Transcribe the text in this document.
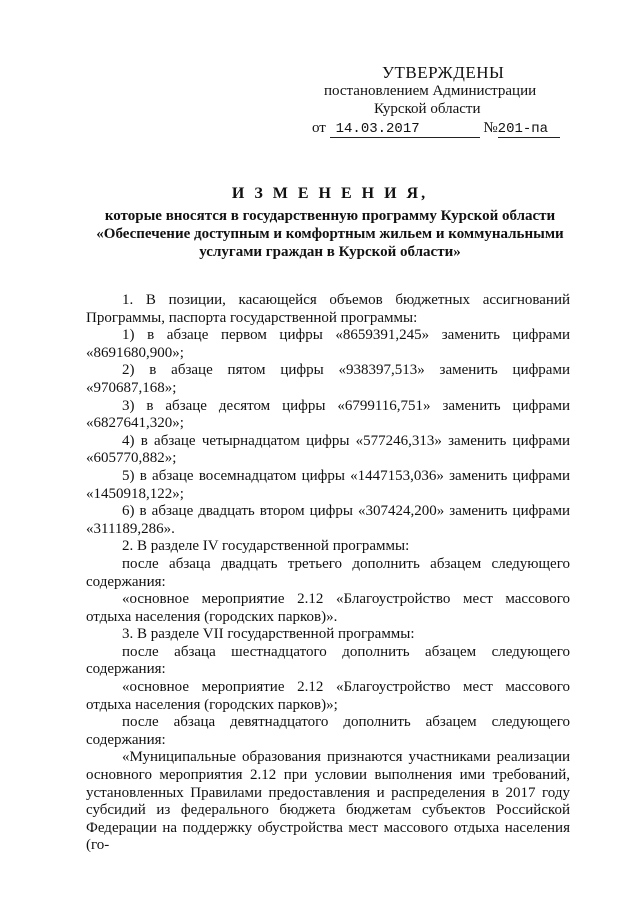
УТВЕРЖДЕНЫ
постановлением Администрации
Курской области
от 14.03.2017	№201-па
И З М Е Н Е Н И Я,
которые вносятся в государственную программу Курской области
«Обеспечение доступным и комфортным жильем и коммунальными
услугами граждан в Курской области»

1. В позиции, касающейся объемов бюджетных ассигнований Программы, паспорта государственной программы:

1) в абзаце первом цифры «8659391,245» заменить цифрами «8691680,900»;

2) в абзаце пятом цифры «938397,513» заменить цифрами «970687,168»;

3) в абзаце десятом цифры «6799116,751» заменить цифрами «6827641,320»;

4) в абзаце четырнадцатом цифры «577246,313» заменить цифрами «605770,882»;

5) в абзаце восемнадцатом цифры «1447153,036» заменить цифрами «1450918,122»;

6) в абзаце двадцать втором цифры «307424,200» заменить цифрами «311189,286».

2. В разделе IV государственной программы:

после абзаца двадцать третьего дополнить абзацем следующего содержания:

«основное мероприятие 2.12 «Благоустройство мест массового отдыха населения (городских парков)».

3. В разделе VII государственной программы:

после абзаца шестнадцатого дополнить абзацем следующего содержания:

«основное мероприятие 2.12 «Благоустройство мест массового отдыха населения (городских парков)»;

после абзаца девятнадцатого дополнить абзацем следующего содержания:

«Муниципальные образования признаются участниками реализации основного мероприятия 2.12 при условии выполнения ими требований, установленных Правилами предоставления и распределения в 2017 году субсидий из федерального бюджета бюджетам субъектов Российской Федерации на поддержку обустройства мест массового отдыха населения (го-
